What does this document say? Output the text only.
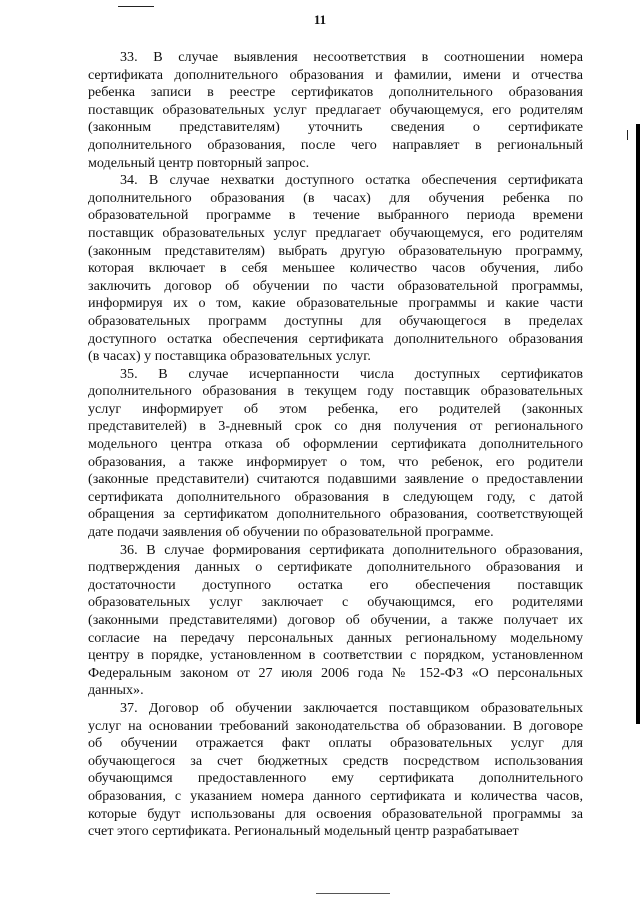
11

33. В случае выявления несоответствия в соотношении номера
сертификата дополнительного образования и фамилии, имени и отчества
ребенка записи в реестре сертификатов дополнительного образования
поставщик образовательных услуг предлагает обучающемуся, его родителям
(законным представителям) уточнить сведения о сертификате
дополнительного образования, после чего направляет в региональный
модельный центр повторный запрос.

34. В случае нехватки доступного остатка обеспечения сертификата
дополнительного образования (в часах) для обучения ребенка по
образовательной программе в течение выбранного периода времени
поставщик образовательных услуг предлагает обучающемуся, его родителям
(законным представителям) выбрать другую образовательную программу,
которая включает в себя меньшее количество часов обучения, либо
заключить договор об обучении по части образовательной программы,
информируя их о том, какие образовательные программы и какие части
образовательных программ доступны для обучающегося в пределах
доступного остатка обеспечения сертификата дополнительного образования
(в часах) у поставщика образовательных услуг.

35. В случае исчерпанности числа доступных сертификатов
дополнительного образования в текущем году поставщик образовательных
услуг информирует об этом ребенка, его родителей (законных
представителей) в 3-дневный срок со дня получения от регионального
модельного центра отказа об оформлении сертификата дополнительного
образования, а также информирует о том, что ребенок, его родители
(законные представители) считаются подавшими заявление о предоставлении
сертификата дополнительного образования в следующем году, с датой
обращения за сертификатом дополнительного образования, соответствующей
дате подачи заявления об обучении по образовательной программе.

36. В случае формирования сертификата дополнительного образования,
подтверждения данных о сертификате дополнительного образования и
достаточности доступного остатка его обеспечения поставщик
образовательных услуг заключает с обучающимся, его родителями
(законными представителями) договор об обучении, а также получает их
согласие на передачу персональных данных региональному модельному
центру в порядке, установленном в соответствии с порядком, установленном
Федеральным законом от 27 июля 2006 года № 152-ФЗ «О персональных
данных».

37. Договор об обучении заключается поставщиком образовательных
услуг на основании требований законодательства об образовании. В договоре
об обучении отражается факт оплаты образовательных услуг для
обучающегося за счет бюджетных средств посредством использования
обучающимся предоставленного ему сертификата дополнительного
образования, с указанием номера данного сертификата и количества часов,
которые будут использованы для освоения образовательной программы за
счет этого сертификата. Региональный модельный центр разрабатывает
